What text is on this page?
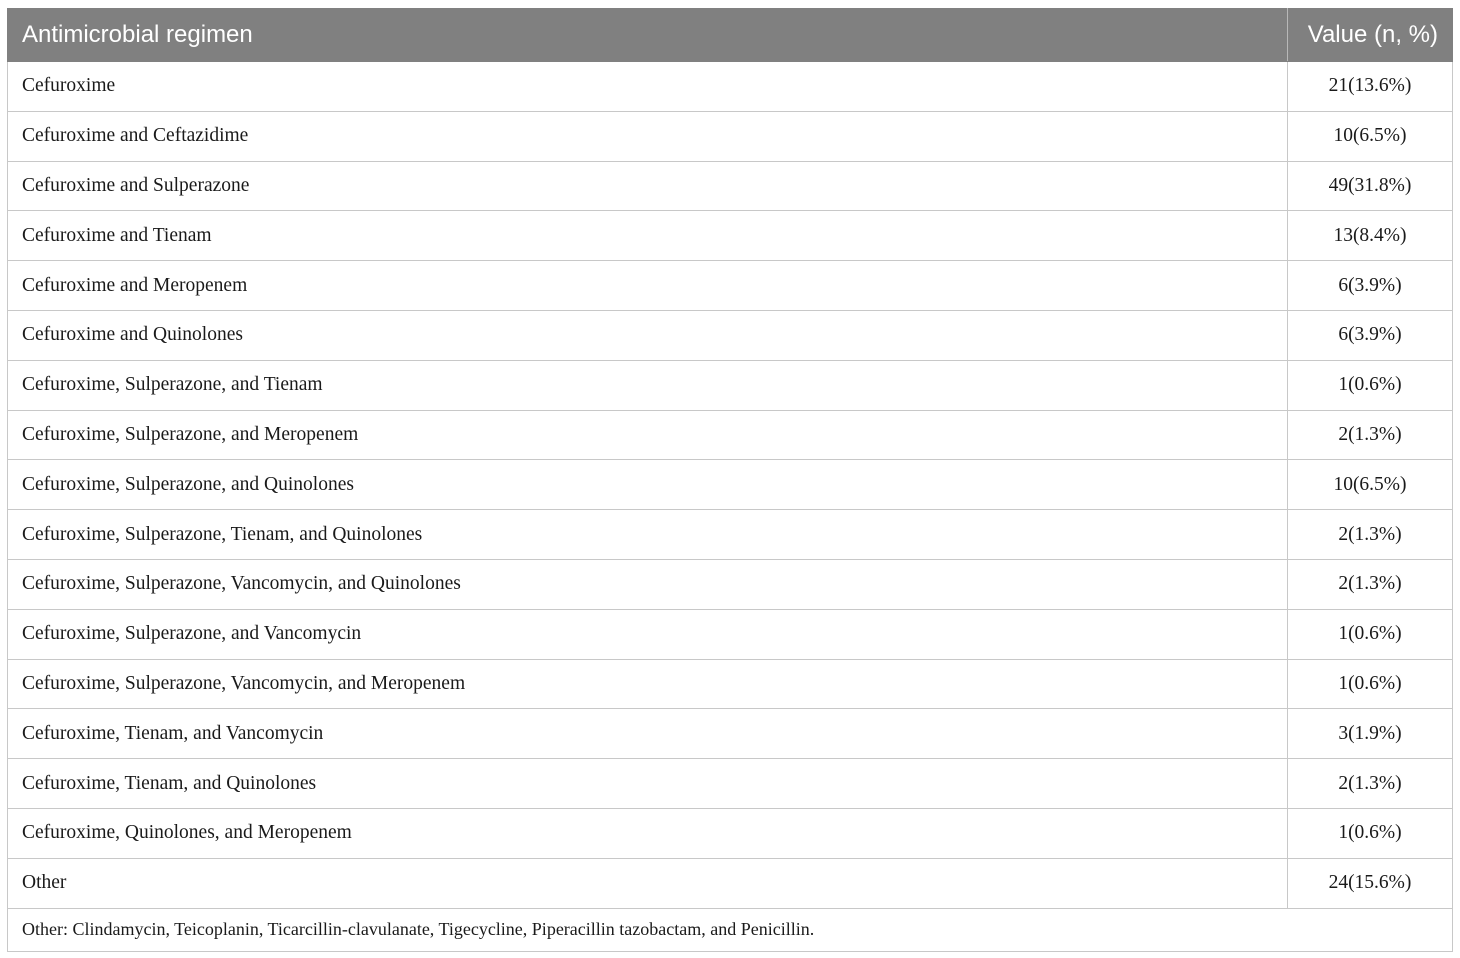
Antimicrobial regimen	Value (n, %)
Cefuroxime	21(13.6%)
Cefuroxime and Ceftazidime	10(6.5%)
Cefuroxime and Sulperazone	49(31.8%)
Cefuroxime and Tienam	13(8.4%)
Cefuroxime and Meropenem	6(3.9%)
Cefuroxime and Quinolones	6(3.9%)
Cefuroxime, Sulperazone, and Tienam	1(0.6%)
Cefuroxime, Sulperazone, and Meropenem	2(1.3%)
Cefuroxime, Sulperazone, and Quinolones	10(6.5%)
Cefuroxime, Sulperazone, Tienam, and Quinolones	2(1.3%)
Cefuroxime, Sulperazone, Vancomycin, and Quinolones	2(1.3%)
Cefuroxime, Sulperazone, and Vancomycin	1(0.6%)
Cefuroxime, Sulperazone, Vancomycin, and Meropenem	1(0.6%)
Cefuroxime, Tienam, and Vancomycin	3(1.9%)
Cefuroxime, Tienam, and Quinolones	2(1.3%)
Cefuroxime, Quinolones, and Meropenem	1(0.6%)
Other	24(15.6%)
Other: Clindamycin, Teicoplanin, Ticarcillin-clavulanate, Tigecycline, Piperacillin tazobactam, and Penicillin.	
